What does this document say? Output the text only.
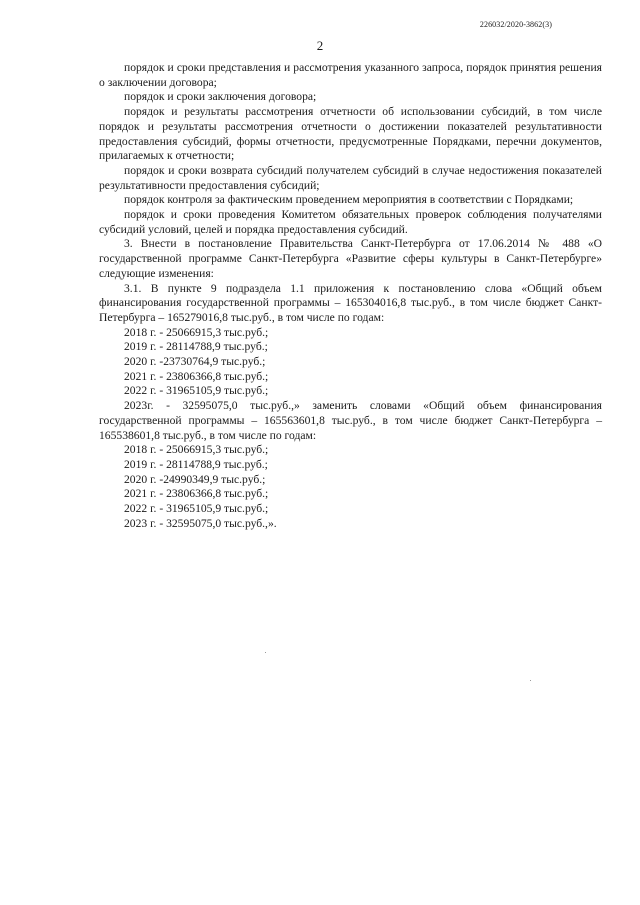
226032/2020-3862(3)
2

порядок и сроки представления и рассмотрения указанного запроса, порядок принятия решения о заключении договора;

порядок и сроки заключения договора;

порядок и результаты рассмотрения отчетности об использовании субсидий, в том числе порядок и результаты рассмотрения отчетности о достижении показателей результативности предоставления субсидий, формы отчетности, предусмотренные Порядками, перечни документов, прилагаемых к отчетности;

порядок и сроки возврата субсидий получателем субсидий в случае недостижения показателей результативности предоставления субсидий;

порядок контроля за фактическим проведением мероприятия в соответствии с Порядками;

порядок и сроки проведения Комитетом обязательных проверок соблюдения получателями субсидий условий, целей и порядка предоставления субсидий.

3. Внести в постановление Правительства Санкт-Петербурга от 17.06.2014 № 488 «О государственной программе Санкт-Петербурга «Развитие сферы культуры в Санкт-Петербурге» следующие изменения:

3.1. В пункте 9 подраздела 1.1 приложения к постановлению слова «Общий объем финансирования государственной программы – 165304016,8 тыс.руб., в том числе бюджет Санкт-Петербурга – 165279016,8 тыс.руб., в том числе по годам:

2018 г. - 25066915,3 тыс.руб.;

2019 г. - 28114788,9 тыс.руб.;

2020 г. -23730764,9 тыс.руб.;

2021 г. - 23806366,8 тыс.руб.;

2022 г. - 31965105,9 тыс.руб.;

2023г. - 32595075,0 тыс.руб.,» заменить словами «Общий объем финансирования государственной программы – 165563601,8 тыс.руб., в том числе бюджет Санкт-Петербурга – 165538601,8 тыс.руб., в том числе по годам:

2018 г. - 25066915,3 тыс.руб.;

2019 г. - 28114788,9 тыс.руб.;

2020 г. -24990349,9 тыс.руб.;

2021 г. - 23806366,8 тыс.руб.;

2022 г. - 31965105,9 тыс.руб.;

2023 г. - 32595075,0 тыс.руб.,».
